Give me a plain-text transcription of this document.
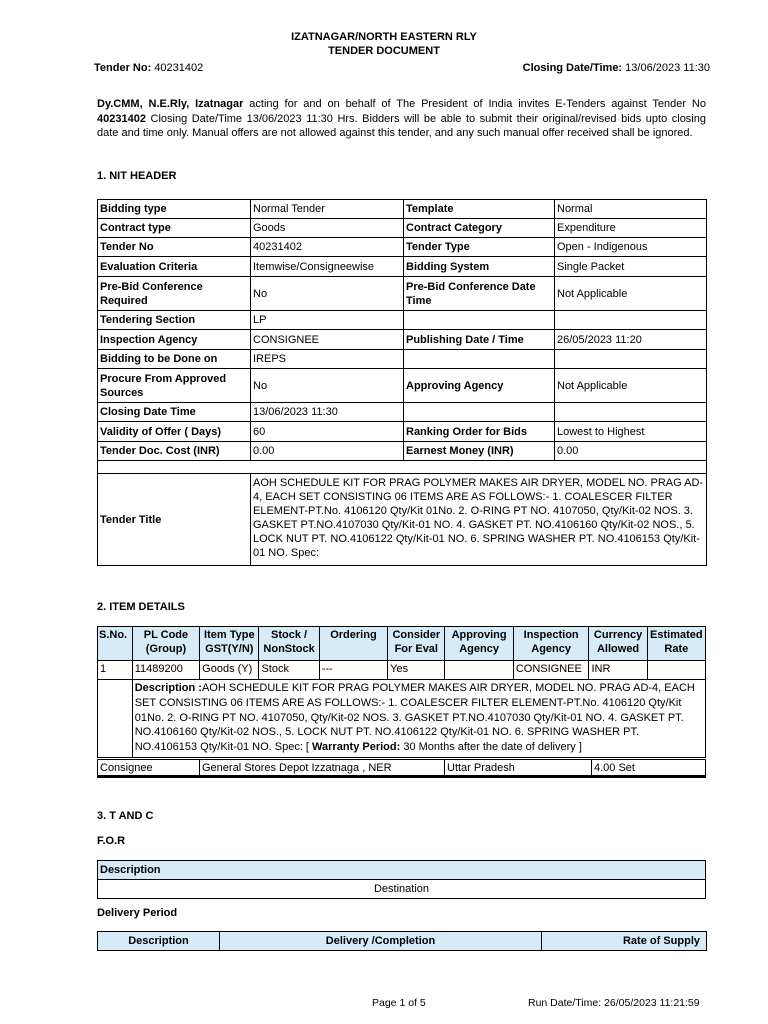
IZATNAGAR/NORTH EASTERN RLY
TENDER DOCUMENT
Tender No: 40231402	Closing Date/Time: 13/06/2023 11:30
Dy.CMM, N.E.Rly, Izatnagar acting for and on behalf of The President of India invites E-Tenders against Tender No 40231402 Closing Date/Time 13/06/2023 11:30 Hrs. Bidders will be able to submit their original/revised bids upto closing date and time only. Manual offers are not allowed against this tender, and any such manual offer received shall be ignored.
1. NIT HEADER
Bidding type	Normal Tender	Template	Normal
Contract type	Goods	Contract Category	Expenditure
Tender No	40231402	Tender Type	Open - Indigenous
Evaluation Criteria	Itemwise/Consigneewise	Bidding System	Single Packet
Pre-Bid Conference Required	No	Pre-Bid Conference Date Time	Not Applicable
Tendering Section	LP		
Inspection Agency	CONSIGNEE	Publishing Date / Time	26/05/2023 11:20
Bidding to be Done on	IREPS		
Procure From Approved Sources	No	Approving Agency	Not Applicable
Closing Date Time	13/06/2023 11:30		
Validity of Offer ( Days)	60	Ranking Order for Bids	Lowest to Highest
Tender Doc. Cost (INR)	0.00	Earnest Money (INR)	0.00

Tender Title	AOH SCHEDULE KIT FOR PRAG POLYMER MAKES AIR DRYER, MODEL NO. PRAG AD-4, EACH SET CONSISTING 06 ITEMS ARE AS FOLLOWS:- 1. COALESCER FILTER ELEMENT-PT.No. 4106120 Qty/Kit 01No. 2. O-RING PT NO. 4107050, Qty/Kit-02 NOS. 3. GASKET PT.NO.4107030 Qty/Kit-01 NO. 4. GASKET PT. NO.4106160 Qty/Kit-02 NOS., 5. LOCK NUT PT. NO.4106122 Qty/Kit-01 NO. 6. SPRING WASHER PT. NO.4106153 Qty/Kit-01 NO. Spec:		
2. ITEM DETAILS
S.No.	PL Code (Group)	Item Type GST(Y/N)	Stock / NonStock	Ordering	Consider For Eval	Approving Agency	Inspection Agency	Currency Allowed	Estimated Rate
1	11489200	Goods (Y)	Stock	---	Yes		CONSIGNEE	INR	
	Description :AOH SCHEDULE KIT FOR PRAG POLYMER MAKES AIR DRYER, MODEL NO. PRAG AD-4, EACH SET CONSISTING 06 ITEMS ARE AS FOLLOWS:- 1. COALESCER FILTER ELEMENT-PT.No. 4106120 Qty/Kit 01No. 2. O-RING PT NO. 4107050, Qty/Kit-02 NOS. 3. GASKET PT.NO.4107030 Qty/Kit-01 NO. 4. GASKET PT. NO.4106160 Qty/Kit-02 NOS., 5. LOCK NUT PT. NO.4106122 Qty/Kit-01 NO. 6. SPRING WASHER PT. NO.4106153 Qty/Kit-01 NO. Spec: [ Warranty Period: 30 Months after the date of delivery ]								
Consignee	General Stores Depot Izzatnaga , NER	Uttar Pradesh	4.00 Set
3. T AND C
F.O.R
Description
Destination
Delivery Period
Description	Delivery /Completion	Rate of Supply
Page 1 of 5	Run Date/Time: 26/05/2023 11:21:59
